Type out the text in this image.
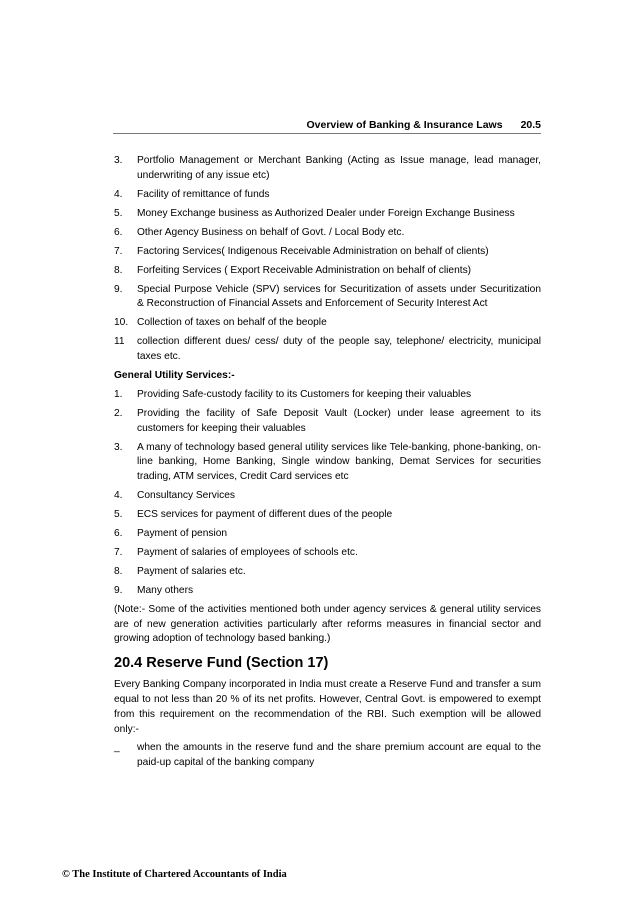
Overview of Banking & Insurance Laws 20.5
3.	Portfolio Management or Merchant Banking (Acting as Issue manage, lead manager, underwriting of any issue etc)
4.	Facility of remittance of funds
5.	Money Exchange business as Authorized Dealer under Foreign Exchange Business
6.	Other Agency Business on behalf of Govt. / Local Body etc.
7.	Factoring Services( Indigenous Receivable Administration on behalf of clients)
8.	Forfeiting Services ( Export Receivable Administration on behalf of clients)
9.	Special Purpose Vehicle (SPV) services for Securitization of assets under Securitization & Reconstruction of Financial Assets and Enforcement of Security Interest Act
10. Collection of taxes on behalf of the beople
11	collection different dues/ cess/ duty of the people say, telephone/ electricity, municipal taxes etc.
General Utility Services:-
1.	Providing Safe-custody facility to its Customers for keeping their valuables
2.	Providing the facility of Safe Deposit Vault (Locker) under lease agreement to its customers for keeping their valuables
3.	A many of technology based general utility services like Tele-banking, phone-banking, on-line banking, Home Banking, Single window banking, Demat Services for securities trading, ATM services, Credit Card services etc
4.	Consultancy Services
5.	ECS services for payment of different dues of the people
6.	Payment of pension
7.	Payment of salaries of employees of schools etc.
8.	Payment of salaries etc.
9.	Many others
(Note:- Some of the activities mentioned both under agency services & general utility services are of new generation activities particularly after reforms measures in financial sector and growing adoption of technology based banking.)
20.4 Reserve Fund (Section 17)
Every Banking Company incorporated in India must create a Reserve Fund and transfer a sum equal to not less than 20 % of its net profits. However, Central Govt. is empowered to exempt from this requirement on the recommendation of the RBI. Such exemption will be allowed only:-
_	when the amounts in the reserve fund and the share premium account are equal to the paid-up capital of the banking company
© The Institute of Chartered Accountants of India
